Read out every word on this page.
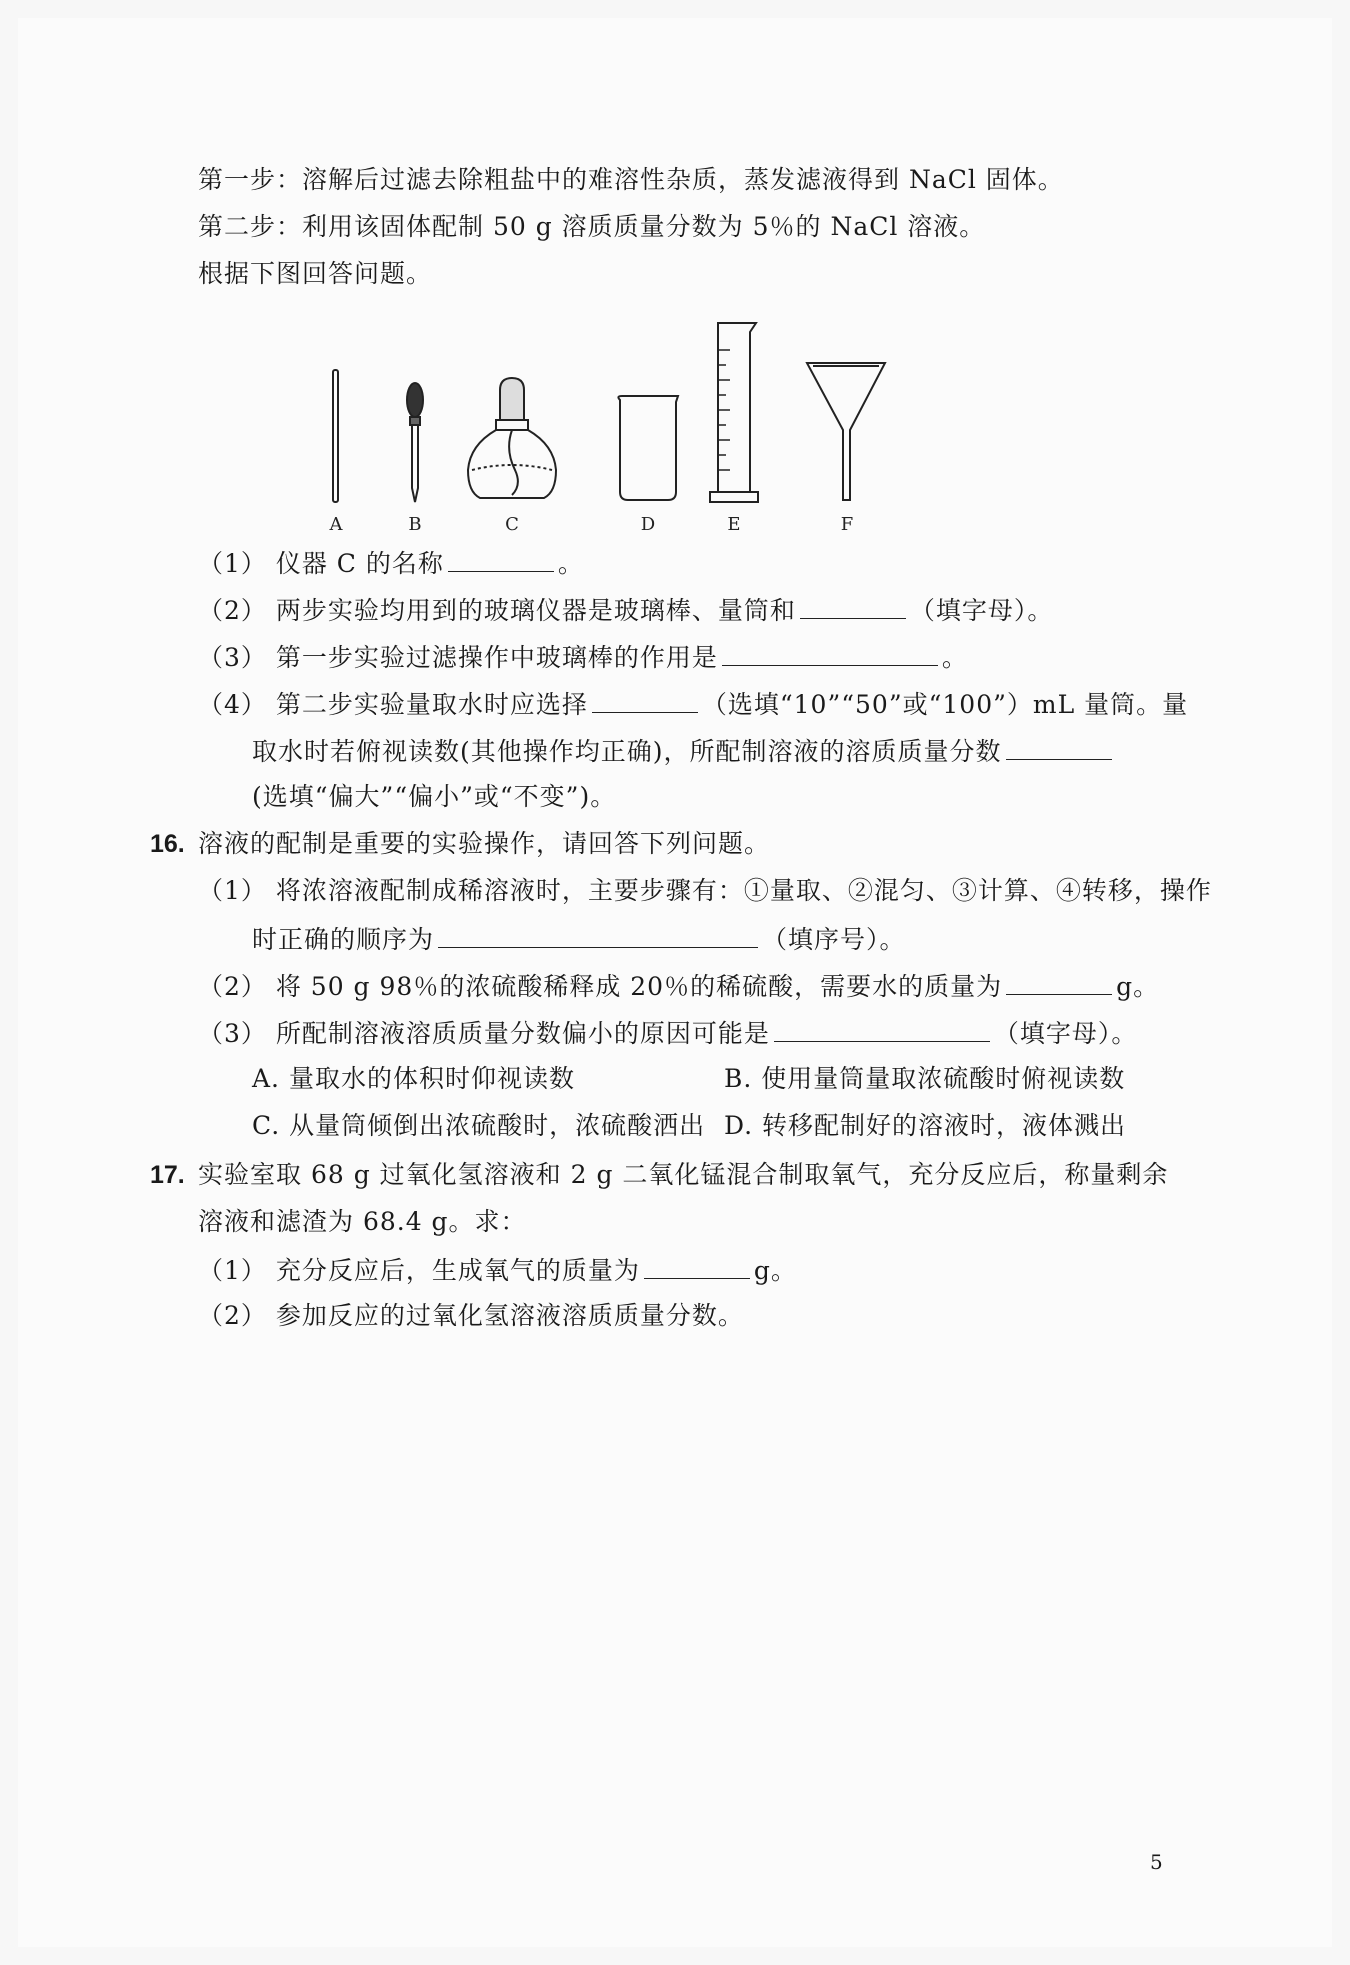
第一步：溶解后过滤去除粗盐中的难溶性杂质，蒸发滤液得到 NaCl 固体。
第二步：利用该固体配制 50 g 溶质质量分数为 5％的 NaCl 溶液。
根据下图回答问题。
A	B	C	D	E	F
（1） 仪器 C 的名称	。
（2） 两步实验均用到的玻璃仪器是玻璃棒、量筒和	（填字母）。
（3） 第一步实验过滤操作中玻璃棒的作用是	。
（4） 第二步实验量取水时应选择	（选填“10”“50”或“100”）mL 量筒。量
取水时若俯视读数(其他操作均正确)，所配制溶液的溶质质量分数
(选填“偏大”“偏小”或“不变”)。
16. 溶液的配制是重要的实验操作，请回答下列问题。
（1） 将浓溶液配制成稀溶液时，主要步骤有：①量取、②混匀、③计算、④转移，操作
时正确的顺序为	（填序号）。
（2） 将 50 g 98％的浓硫酸稀释成 20％的稀硫酸，需要水的质量为	g。
（3） 所配制溶液溶质质量分数偏小的原因可能是	（填字母）。
A. 量取水的体积时仰视读数	B. 使用量筒量取浓硫酸时俯视读数
C. 从量筒倾倒出浓硫酸时，浓硫酸洒出 D. 转移配制好的溶液时，液体溅出
17. 实验室取 68 g 过氧化氢溶液和 2 g 二氧化锰混合制取氧气，充分反应后，称量剩余
溶液和滤渣为 68.4 g。求：
（1） 充分反应后，生成氧气的质量为	g。
（2） 参加反应的过氧化氢溶液溶质质量分数。
5
